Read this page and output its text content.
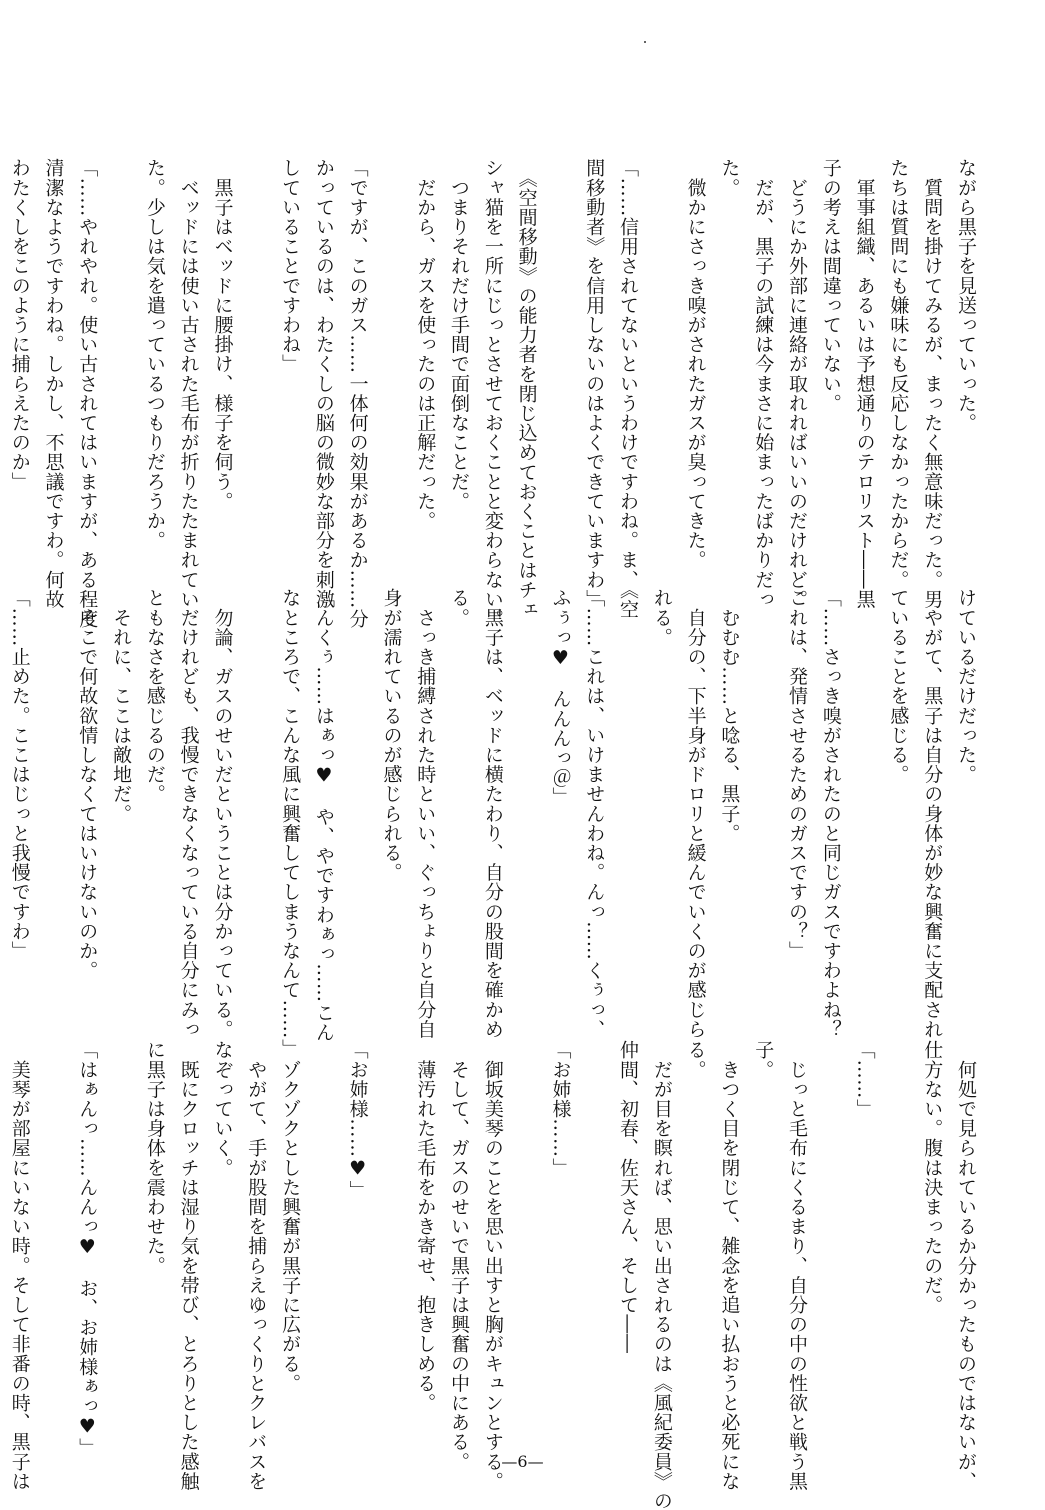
ながら黒子を見送っていった。
　質問を掛けてみるが、まったく無意味だった。男
たちは質問にも嫌味にも反応しなかったからだ。
　軍事組織、あるいは予想通りのテロリスト――黒
子の考えは間違っていない。
　どうにか外部に連絡が取れればいいのだけれど。
　だが、黒子の試練は今まさに始まったばかりだっ
た。
　微かにさっき嗅がされたガスが臭ってきた。

「……信用されてないというわけですわね。ま、《空
間移動者》を信用しないのはよくできていますわ」

　《空間移動》の能力者を閉じ込めておくことはチェ
シャ猫を一所にじっとさせておくことと変わらない。
　つまりそれだけ手間で面倒なことだ。
　だから、ガスを使ったのは正解だった。

「ですが、このガス……一体何の効果があるか……分
かっているのは、わたくしの脳の微妙な部分を刺激
していることですわね」

　黒子はベッドに腰掛け、様子を伺う。
　ベッドには使い古された毛布が折りたたまれてい
た。少しは気を遣っているつもりだろうか。

「……やれやれ。使い古されてはいますが、ある程度
清潔なようですわね。しかし、不思議ですわ。何故
わたくしをこのように捕らえたのか」

けているだけだった。
　やがて、黒子は自分の身体が妙な興奮に支配され
ていることを感じる。

「……さっき嗅がされたのと同じガスですわよね？
これは、発情させるためのガスですの？」

　むむむ……と唸る、黒子。
　自分の、下半身がドロリと緩んでいくのが感じら
れる。

「……これは、いけませんわね。んっ……くぅっ、
ふぅっ♥　んんんっ＠」

　黒子は、ベッドに横たわり、自分の股間を確かめ
る。
　さっき捕縛された時といい、ぐっちょりと自分自
身が濡れているのが感じられる。

「んくぅ……はぁっ♥　や、やですわぁっ……こん
なところで、こんな風に興奮してしまうなんて……」

　勿論、ガスのせいだということは分かっている。
　だけれども、我慢できなくなっている自分にみっ
ともなさを感じるのだ。
　それに、ここは敵地だ。
　そこで何故欲情しなくてはいけないのか。

「……止めた。ここはじっと我慢ですわ」

　何処で見られているか分かったものではないが、
仕方ない。腹は決まったのだ。

「……」

　じっと毛布にくるまり、自分の中の性欲と戦う黒
子。
　きつく目を閉じて、雑念を追い払おうと必死にな
る。
　だが目を瞑れば、思い出されるのは《風紀委員》の
仲間、初春、佐天さん、そして――

「お姉様……」

　御坂美琴のことを思い出すと胸がキュンとする。
　そして、ガスのせいで黒子は興奮の中にある。
　薄汚れた毛布をかき寄せ、抱きしめる。

「お姉様……♥」

　ゾクゾクとした興奮が黒子に広がる。
　やがて、手が股間を捕らえゆっくりとクレバスを
なぞっていく。
　既にクロッチは湿り気を帯び、とろりとした感触
に黒子は身体を震わせた。

「はぁんっ……んんっ♥　お、お姉様ぁっ♥」

　美琴が部屋にいない時。そして非番の時、黒子は	—6—
